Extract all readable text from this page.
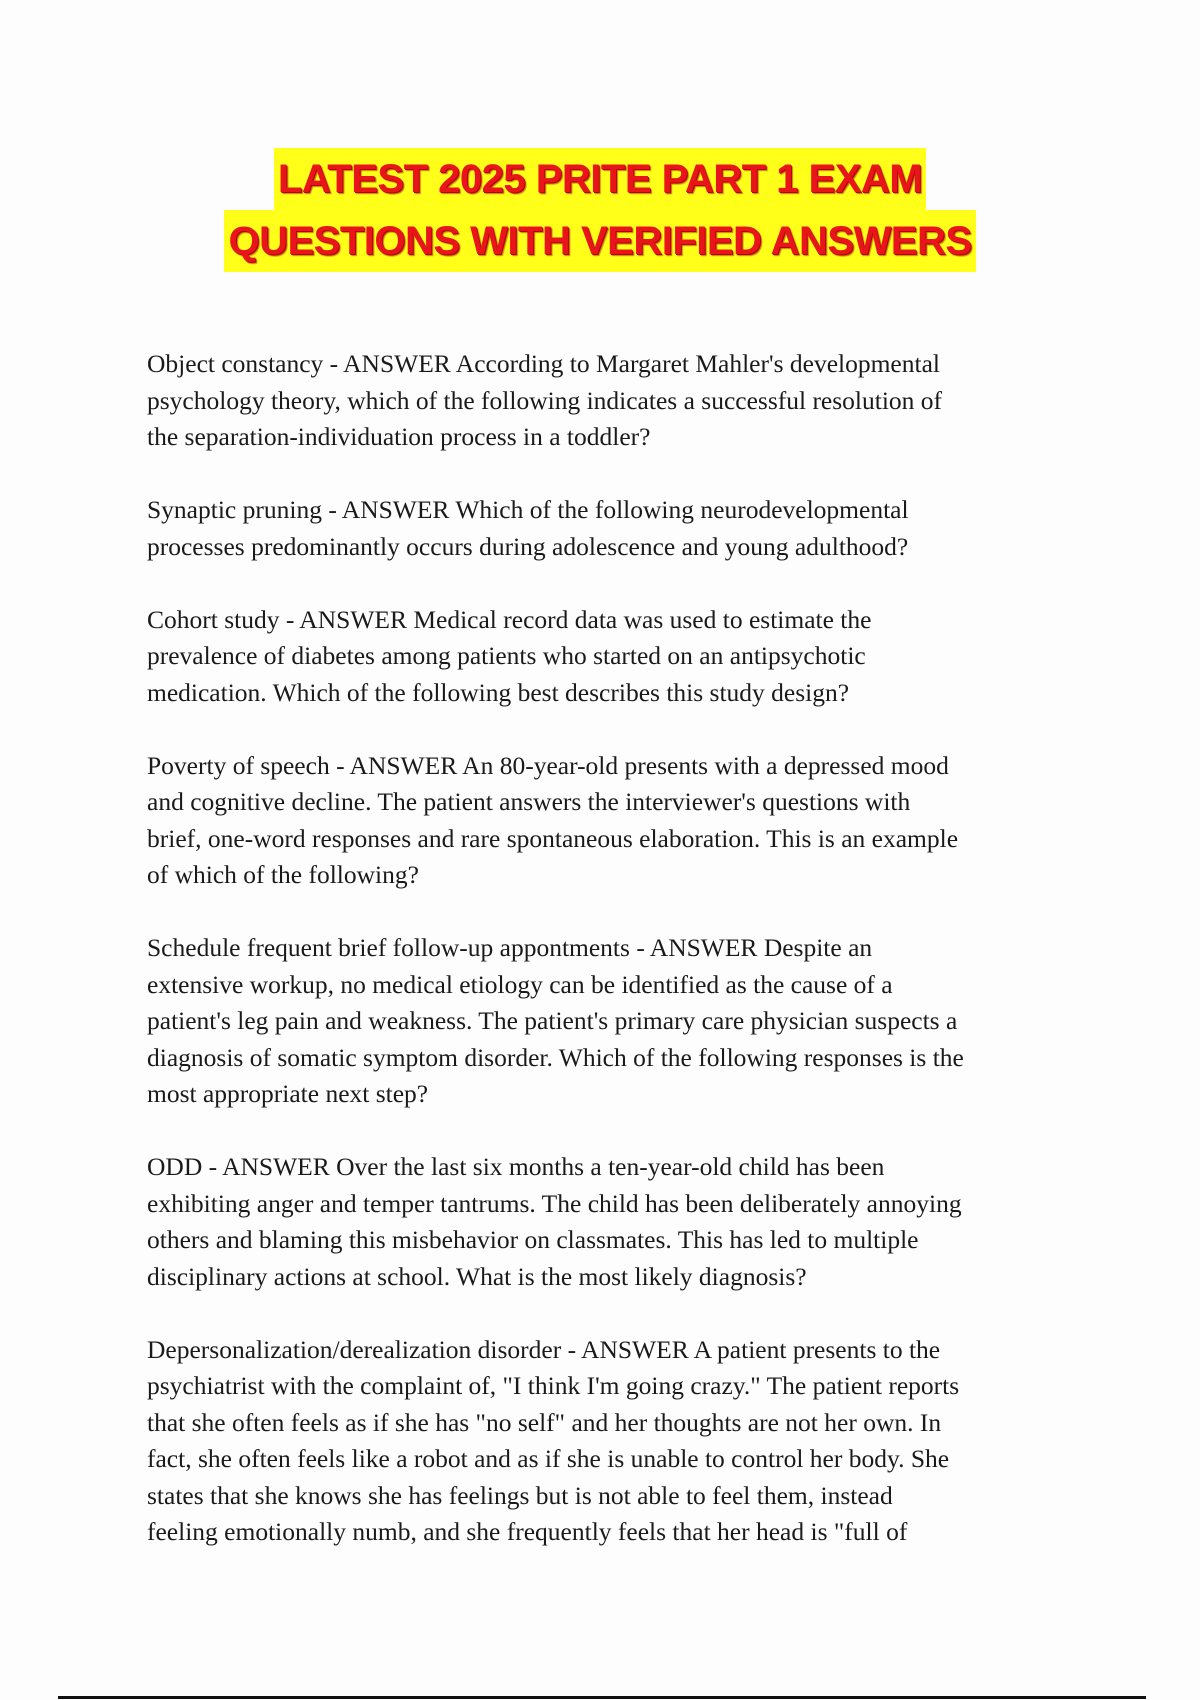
LATEST 2025 PRITE PART 1 EXAM
QUESTIONS WITH VERIFIED ANSWERS
Object constancy - ANSWER According to Margaret Mahler's developmental
psychology theory, which of the following indicates a successful resolution of
the separation-individuation process in a toddler?
Synaptic pruning - ANSWER Which of the following neurodevelopmental
processes predominantly occurs during adolescence and young adulthood?
Cohort study - ANSWER Medical record data was used to estimate the
prevalence of diabetes among patients who started on an antipsychotic
medication. Which of the following best describes this study design?
Poverty of speech - ANSWER An 80-year-old presents with a depressed mood
and cognitive decline. The patient answers the interviewer's questions with
brief, one-word responses and rare spontaneous elaboration. This is an example
of which of the following?
Schedule frequent brief follow-up appontments - ANSWER Despite an
extensive workup, no medical etiology can be identified as the cause of a
patient's leg pain and weakness. The patient's primary care physician suspects a
diagnosis of somatic symptom disorder. Which of the following responses is the
most appropriate next step?
ODD - ANSWER Over the last six months a ten-year-old child has been
exhibiting anger and temper tantrums. The child has been deliberately annoying
others and blaming this misbehavior on classmates. This has led to multiple
disciplinary actions at school. What is the most likely diagnosis?
Depersonalization/derealization disorder - ANSWER A patient presents to the
psychiatrist with the complaint of, "I think I'm going crazy." The patient reports
that she often feels as if she has "no self" and her thoughts are not her own. In
fact, she often feels like a robot and as if she is unable to control her body. She
states that she knows she has feelings but is not able to feel them, instead
feeling emotionally numb, and she frequently feels that her head is "full of
